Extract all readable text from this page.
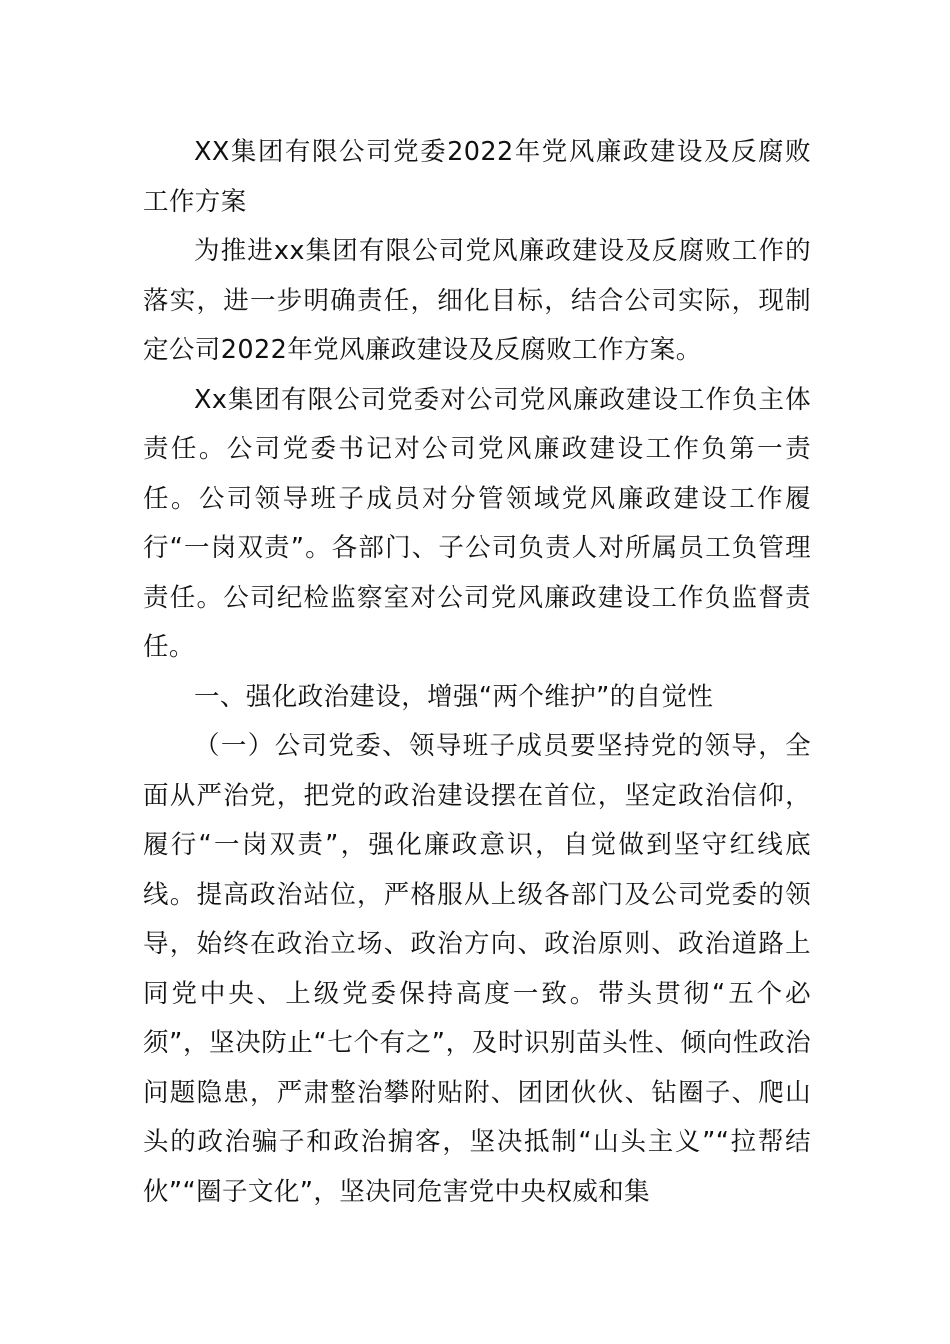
XX集团有限公司党委2022年党风廉政建设及反腐败工作方案

为推进xx集团有限公司党风廉政建设及反腐败工作的落实，进一步明确责任，细化目标，结合公司实际，现制定公司2022年党风廉政建设及反腐败工作方案。

Xx集团有限公司党委对公司党风廉政建设工作负主体责任。公司党委书记对公司党风廉政建设工作负第一责任。公司领导班子成员对分管领域党风廉政建设工作履行“一岗双责”。各部门、子公司负责人对所属员工负管理责任。公司纪检监察室对公司党风廉政建设工作负监督责任。

一、强化政治建设，增强“两个维护”的自觉性

（一）公司党委、领导班子成员要坚持党的领导，全面从严治党，把党的政治建设摆在首位，坚定政治信仰，履行“一岗双责”，强化廉政意识，自觉做到坚守红线底线。提高政治站位，严格服从上级各部门及公司党委的领导，始终在政治立场、政治方向、政治原则、政治道路上同党中央、上级党委保持高度一致。带头贯彻“五个必须”，坚决防止“七个有之”，及时识别苗头性、倾向性政治问题隐患，严肃整治攀附贴附、团团伙伙、钻圈子、爬山头的政治骗子和政治掮客，坚决抵制“山头主义”“拉帮结伙”“圈子文化”，坚决同危害党中央权威和集
